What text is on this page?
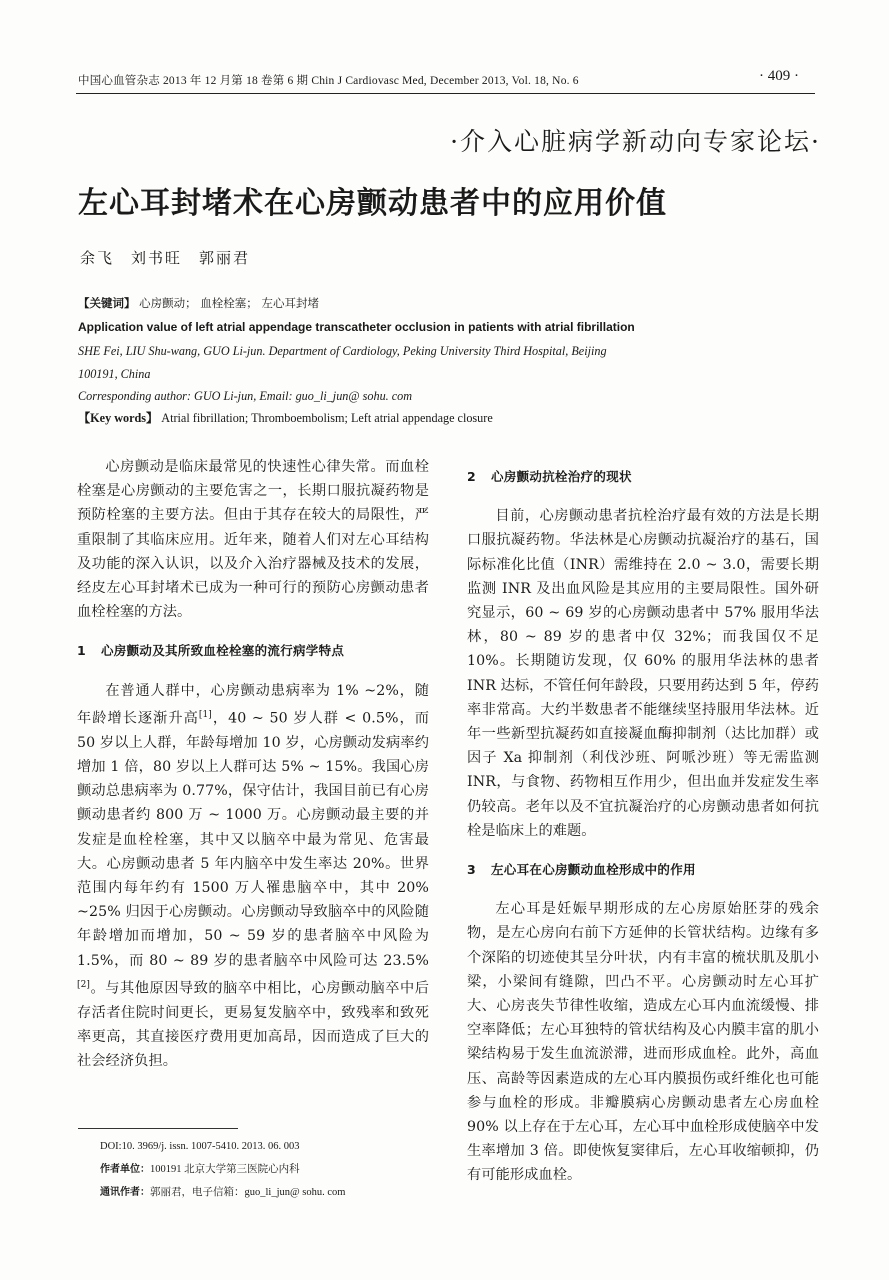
中国心血管杂志 2013 年 12 月第 18 卷第 6 期 Chin J Cardiovasc Med, December 2013, Vol. 18, No. 6	· 409 ·
·介入心脏病学新动向专家论坛·
左心耳封堵术在心房颤动患者中的应用价值
余飞　刘书旺　郭丽君
【关键词】 心房颤动； 血栓栓塞； 左心耳封堵
Application value of left atrial appendage transcatheter occlusion in patients with atrial fibrillation
SHE Fei, LIU Shu-wang, GUO Li-jun. Department of Cardiology, Peking University Third Hospital, Beijing
100191, China
Corresponding author: GUO Li-jun, Email: guo_li_jun@ sohu. com
【Key words】 Atrial fibrillation; Thromboembolism; Left atrial appendage closure

心房颤动是临床最常见的快速性心律失常。而血栓栓塞是心房颤动的主要危害之一，长期口服抗凝药物是预防栓塞的主要方法。但由于其存在较大的局限性，严重限制了其临床应用。近年来，随着人们对左心耳结构及功能的深入认识，以及介入治疗器械及技术的发展，经皮左心耳封堵术已成为一种可行的预防心房颤动患者血栓栓塞的方法。

1 心房颤动及其所致血栓栓塞的流行病学特点

在普通人群中，心房颤动患病率为 1% ~2%，随年龄增长逐渐升高[1]，40 ~ 50 岁人群 < 0.5%，而 50 岁以上人群，年龄每增加 10 岁，心房颤动发病率约增加 1 倍，80 岁以上人群可达 5% ~ 15%。我国心房颤动总患病率为 0.77%，保守估计，我国目前已有心房颤动患者约 800 万 ~ 1000 万。心房颤动最主要的并发症是血栓栓塞，其中又以脑卒中最为常见、危害最大。心房颤动患者 5 年内脑卒中发生率达 20%。世界范围内每年约有 1500 万人罹患脑卒中，其中 20% ~25% 归因于心房颤动。心房颤动导致脑卒中的风险随年龄增加而增加，50 ~ 59 岁的患者脑卒中风险为 1.5%，而 80 ~ 89 岁的患者脑卒中风险可达 23.5%[2]。与其他原因导致的脑卒中相比，心房颤动脑卒中后存活者住院时间更长，更易复发脑卒中，致残率和致死率更高，其直接医疗费用更加高昂，因而造成了巨大的社会经济负担。

2 心房颤动抗栓治疗的现状

目前，心房颤动患者抗栓治疗最有效的方法是长期口服抗凝药物。华法林是心房颤动抗凝治疗的基石，国际标准化比值（INR）需维持在 2.0 ~ 3.0，需要长期监测 INR 及出血风险是其应用的主要局限性。国外研究显示，60 ~ 69 岁的心房颤动患者中 57% 服用华法林，80 ~ 89 岁的患者中仅 32%；而我国仅不足 10%。长期随访发现，仅 60% 的服用华法林的患者 INR 达标，不管任何年龄段，只要用药达到 5 年，停药率非常高。大约半数患者不能继续坚持服用华法林。近年一些新型抗凝药如直接凝血酶抑制剂（达比加群）或因子 Xa 抑制剂（利伐沙班、阿哌沙班）等无需监测 INR，与食物、药物相互作用少，但出血并发症发生率仍较高。老年以及不宜抗凝治疗的心房颤动患者如何抗栓是临床上的难题。

3 左心耳在心房颤动血栓形成中的作用

左心耳是妊娠早期形成的左心房原始胚芽的残余物，是左心房向右前下方延伸的长管状结构。边缘有多个深陷的切迹使其呈分叶状，内有丰富的梳状肌及肌小梁，小梁间有缝隙，凹凸不平。心房颤动时左心耳扩大、心房丧失节律性收缩，造成左心耳内血流缓慢、排空率降低；左心耳独特的管状结构及心内膜丰富的肌小梁结构易于发生血流淤滞，进而形成血栓。此外，高血压、高龄等因素造成的左心耳内膜损伤或纤维化也可能参与血栓的形成。非瓣膜病心房颤动患者左心房血栓 90% 以上存在于左心耳，左心耳中血栓形成使脑卒中发生率增加 3 倍。即使恢复窦律后，左心耳收缩顿抑，仍有可能形成血栓。

DOI:10. 3969/j. issn. 1007-5410. 2013. 06. 003
作者单位：100191 北京大学第三医院心内科
通讯作者：郭丽君，电子信箱：guo_li_jun@ sohu. com
